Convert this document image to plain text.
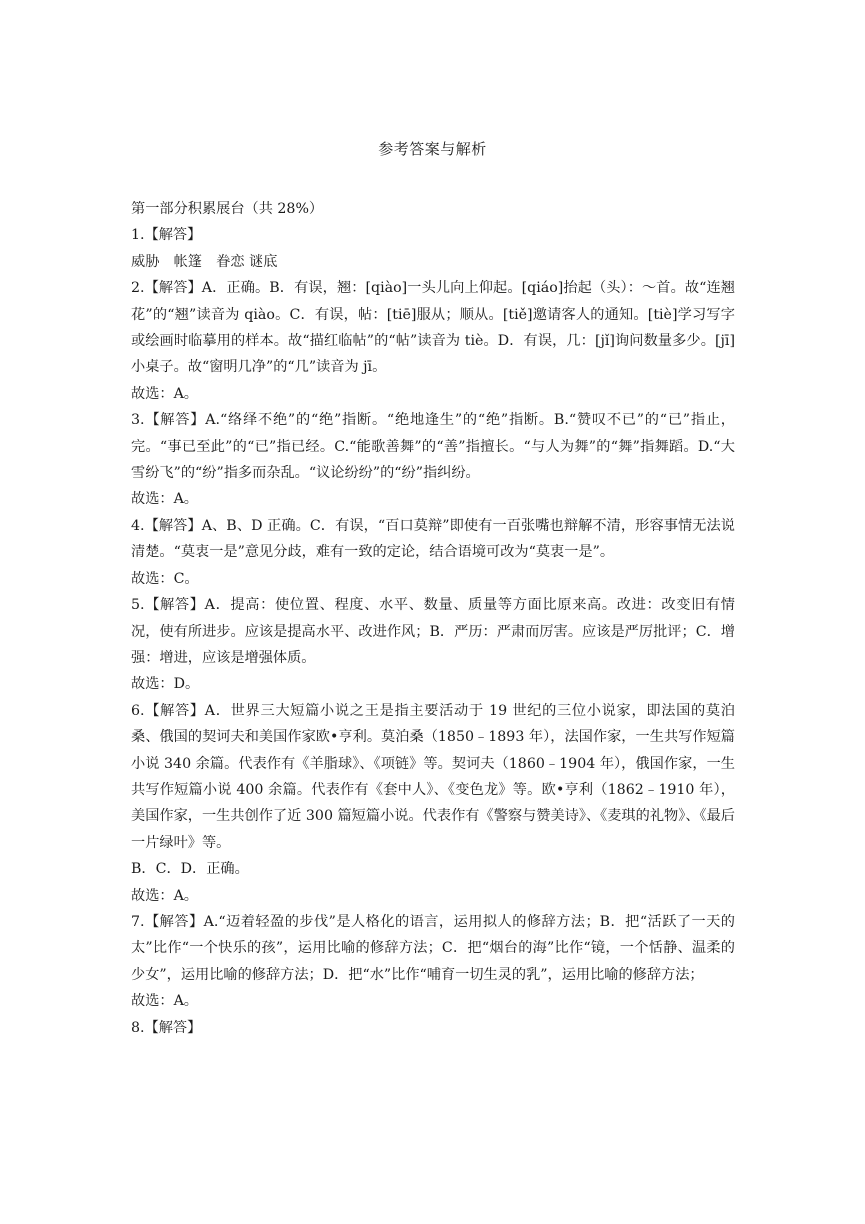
参考答案与解析

第一部分积累展台（共 28%）

1.【解答】

威胁　帐篷　眷恋 谜底

2.【解答】A．正确。B．有误，翘：[qiào]一头儿向上仰起。[qiáo]抬起（头）：～首。故“连翘花”的“翘”读音为 qiào。C．有误，帖：[tiē]服从；顺从。[tiě]邀请客人的通知。[tiè]学习写字或绘画时临摹用的样本。故“描红临帖”的“帖”读音为 tiè。D．有误，几：[jǐ]询问数量多少。[jī]小桌子。故“窗明几净”的“几”读音为 jī。

故选：A。

3.【解答】A.“络绎不绝”的“绝”指断。“绝地逢生”的“绝”指断。B.“赞叹不已”的“已”指止，完。“事已至此”的“已”指已经。C.“能歌善舞”的“善”指擅长。“与人为舞”的“舞”指舞蹈。D.“大雪纷飞”的“纷”指多而杂乱。“议论纷纷”的“纷”指纠纷。

故选：A。

4.【解答】A、B、D 正确。C．有误，“百口莫辩”即使有一百张嘴也辩解不清，形容事情无法说清楚。“莫衷一是”意见分歧，难有一致的定论，结合语境可改为“莫衷一是”。

故选：C。

5.【解答】A．提高：使位置、程度、水平、数量、质量等方面比原来高。改进：改变旧有情况，使有所进步。应该是提高水平、改进作风；B．严历：严肃而厉害。应该是严厉批评；C．增强：增进，应该是增强体质。

故选：D。

6.【解答】A．世界三大短篇小说之王是指主要活动于 19 世纪的三位小说家，即法国的莫泊桑、俄国的契诃夫和美国作家欧•亨利。莫泊桑（1850﹣1893 年），法国作家，一生共写作短篇小说 340 余篇。代表作有《羊脂球》、《项链》等。契诃夫（1860﹣1904 年），俄国作家，一生共写作短篇小说 400 余篇。代表作有《套中人》、《变色龙》等。欧•亨利（1862﹣1910 年），美国作家，一生共创作了近 300 篇短篇小说。代表作有《警察与赞美诗》、《麦琪的礼物》、《最后一片绿叶》等。

B．C．D．正确。

故选：A。

7.【解答】A.“迈着轻盈的步伐”是人格化的语言，运用拟人的修辞方法；B．把“活跃了一天的太”比作“一个快乐的孩”，运用比喻的修辞方法；C．把“烟台的海”比作“镜，一个恬静、温柔的少女”，运用比喻的修辞方法；D．把“水”比作“哺育一切生灵的乳”，运用比喻的修辞方法；

故选：A。

8.【解答】
